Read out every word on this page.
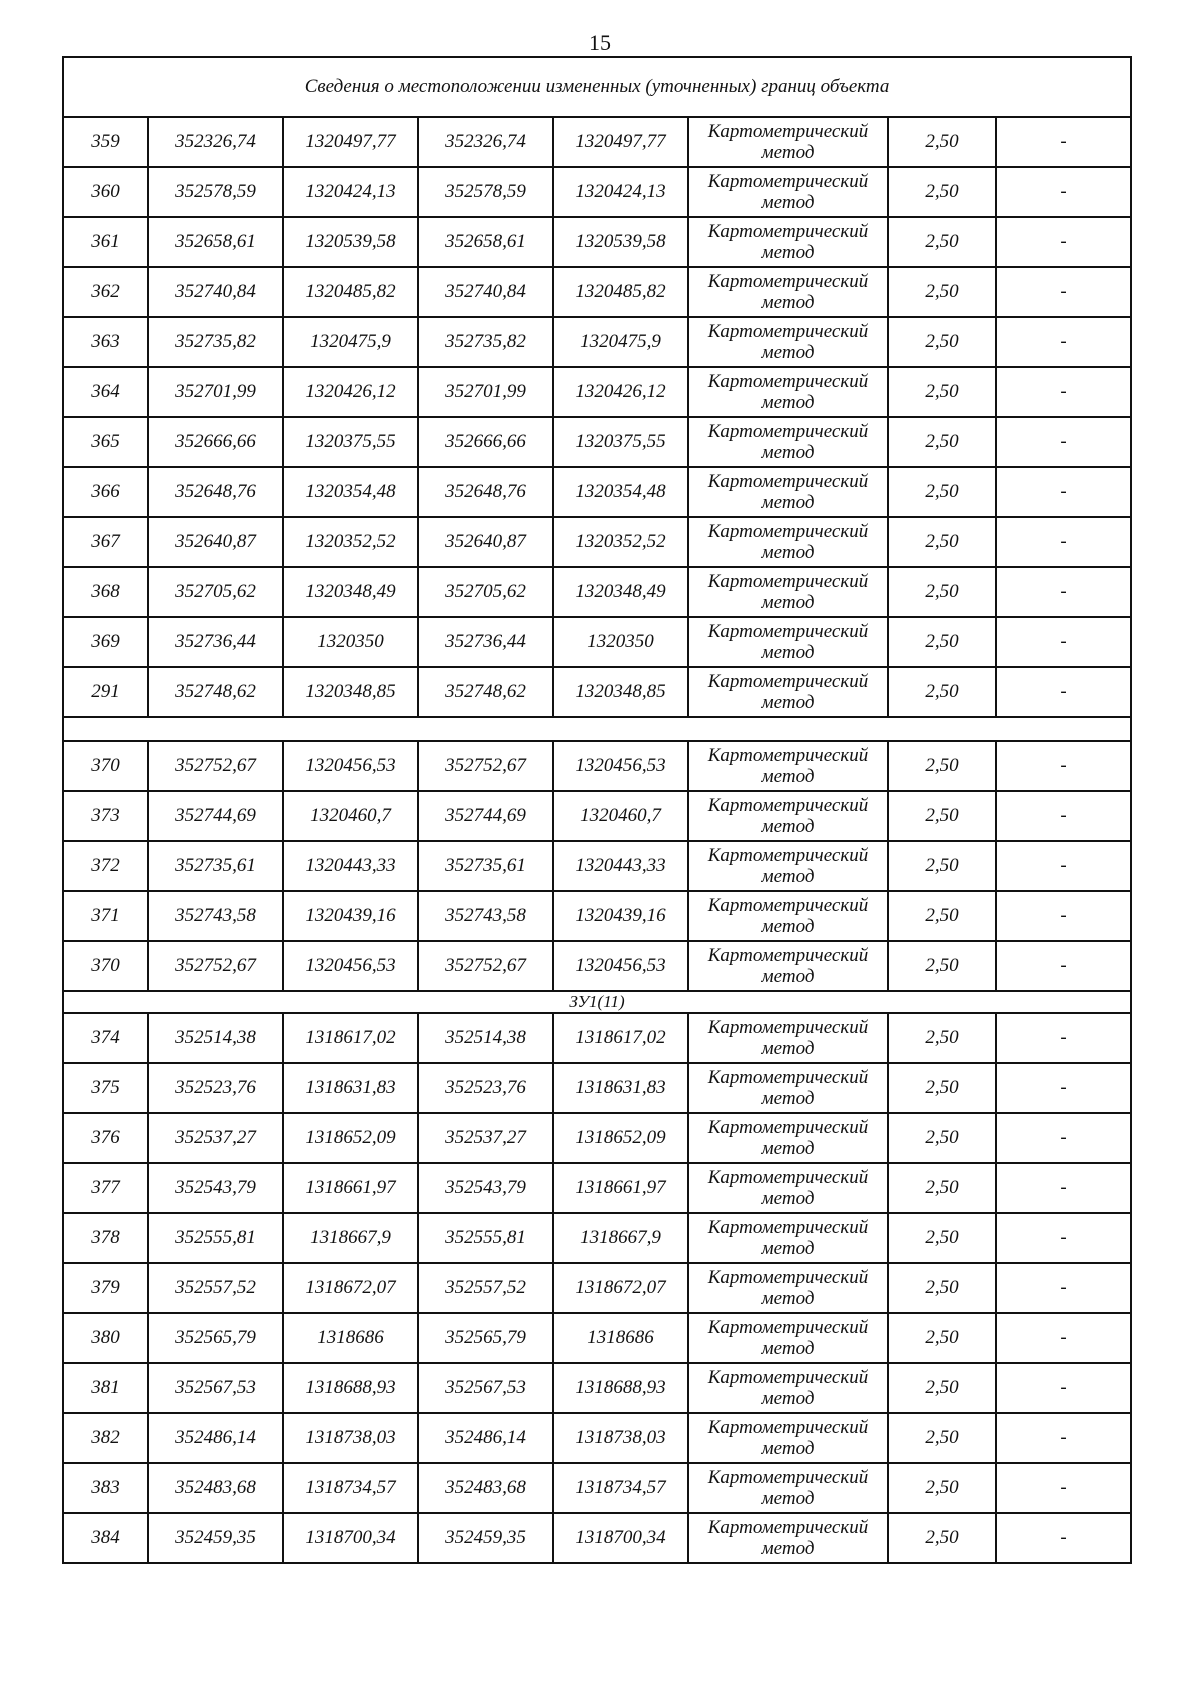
15
Сведения о местоположении измененных (уточненных) границ объекта							
359	352326,74	1320497,77	352326,74	1320497,77	Картометрический
метод	2,50	-
360	352578,59	1320424,13	352578,59	1320424,13	Картометрический
метод	2,50	-
361	352658,61	1320539,58	352658,61	1320539,58	Картометрический
метод	2,50	-
362	352740,84	1320485,82	352740,84	1320485,82	Картометрический
метод	2,50	-
363	352735,82	1320475,9	352735,82	1320475,9	Картометрический
метод	2,50	-
364	352701,99	1320426,12	352701,99	1320426,12	Картометрический
метод	2,50	-
365	352666,66	1320375,55	352666,66	1320375,55	Картометрический
метод	2,50	-
366	352648,76	1320354,48	352648,76	1320354,48	Картометрический
метод	2,50	-
367	352640,87	1320352,52	352640,87	1320352,52	Картометрический
метод	2,50	-
368	352705,62	1320348,49	352705,62	1320348,49	Картометрический
метод	2,50	-
369	352736,44	1320350	352736,44	1320350	Картометрический
метод	2,50	-
291	352748,62	1320348,85	352748,62	1320348,85	Картометрический
метод	2,50	-

370	352752,67	1320456,53	352752,67	1320456,53	Картометрический
метод	2,50	-
373	352744,69	1320460,7	352744,69	1320460,7	Картометрический
метод	2,50	-
372	352735,61	1320443,33	352735,61	1320443,33	Картометрический
метод	2,50	-
371	352743,58	1320439,16	352743,58	1320439,16	Картометрический
метод	2,50	-
370	352752,67	1320456,53	352752,67	1320456,53	Картометрический
метод	2,50	-
ЗУ1(11)							
374	352514,38	1318617,02	352514,38	1318617,02	Картометрический
метод	2,50	-
375	352523,76	1318631,83	352523,76	1318631,83	Картометрический
метод	2,50	-
376	352537,27	1318652,09	352537,27	1318652,09	Картометрический
метод	2,50	-
377	352543,79	1318661,97	352543,79	1318661,97	Картометрический
метод	2,50	-
378	352555,81	1318667,9	352555,81	1318667,9	Картометрический
метод	2,50	-
379	352557,52	1318672,07	352557,52	1318672,07	Картометрический
метод	2,50	-
380	352565,79	1318686	352565,79	1318686	Картометрический
метод	2,50	-
381	352567,53	1318688,93	352567,53	1318688,93	Картометрический
метод	2,50	-
382	352486,14	1318738,03	352486,14	1318738,03	Картометрический
метод	2,50	-
383	352483,68	1318734,57	352483,68	1318734,57	Картометрический
метод	2,50	-
384	352459,35	1318700,34	352459,35	1318700,34	Картометрический
метод	2,50	-
